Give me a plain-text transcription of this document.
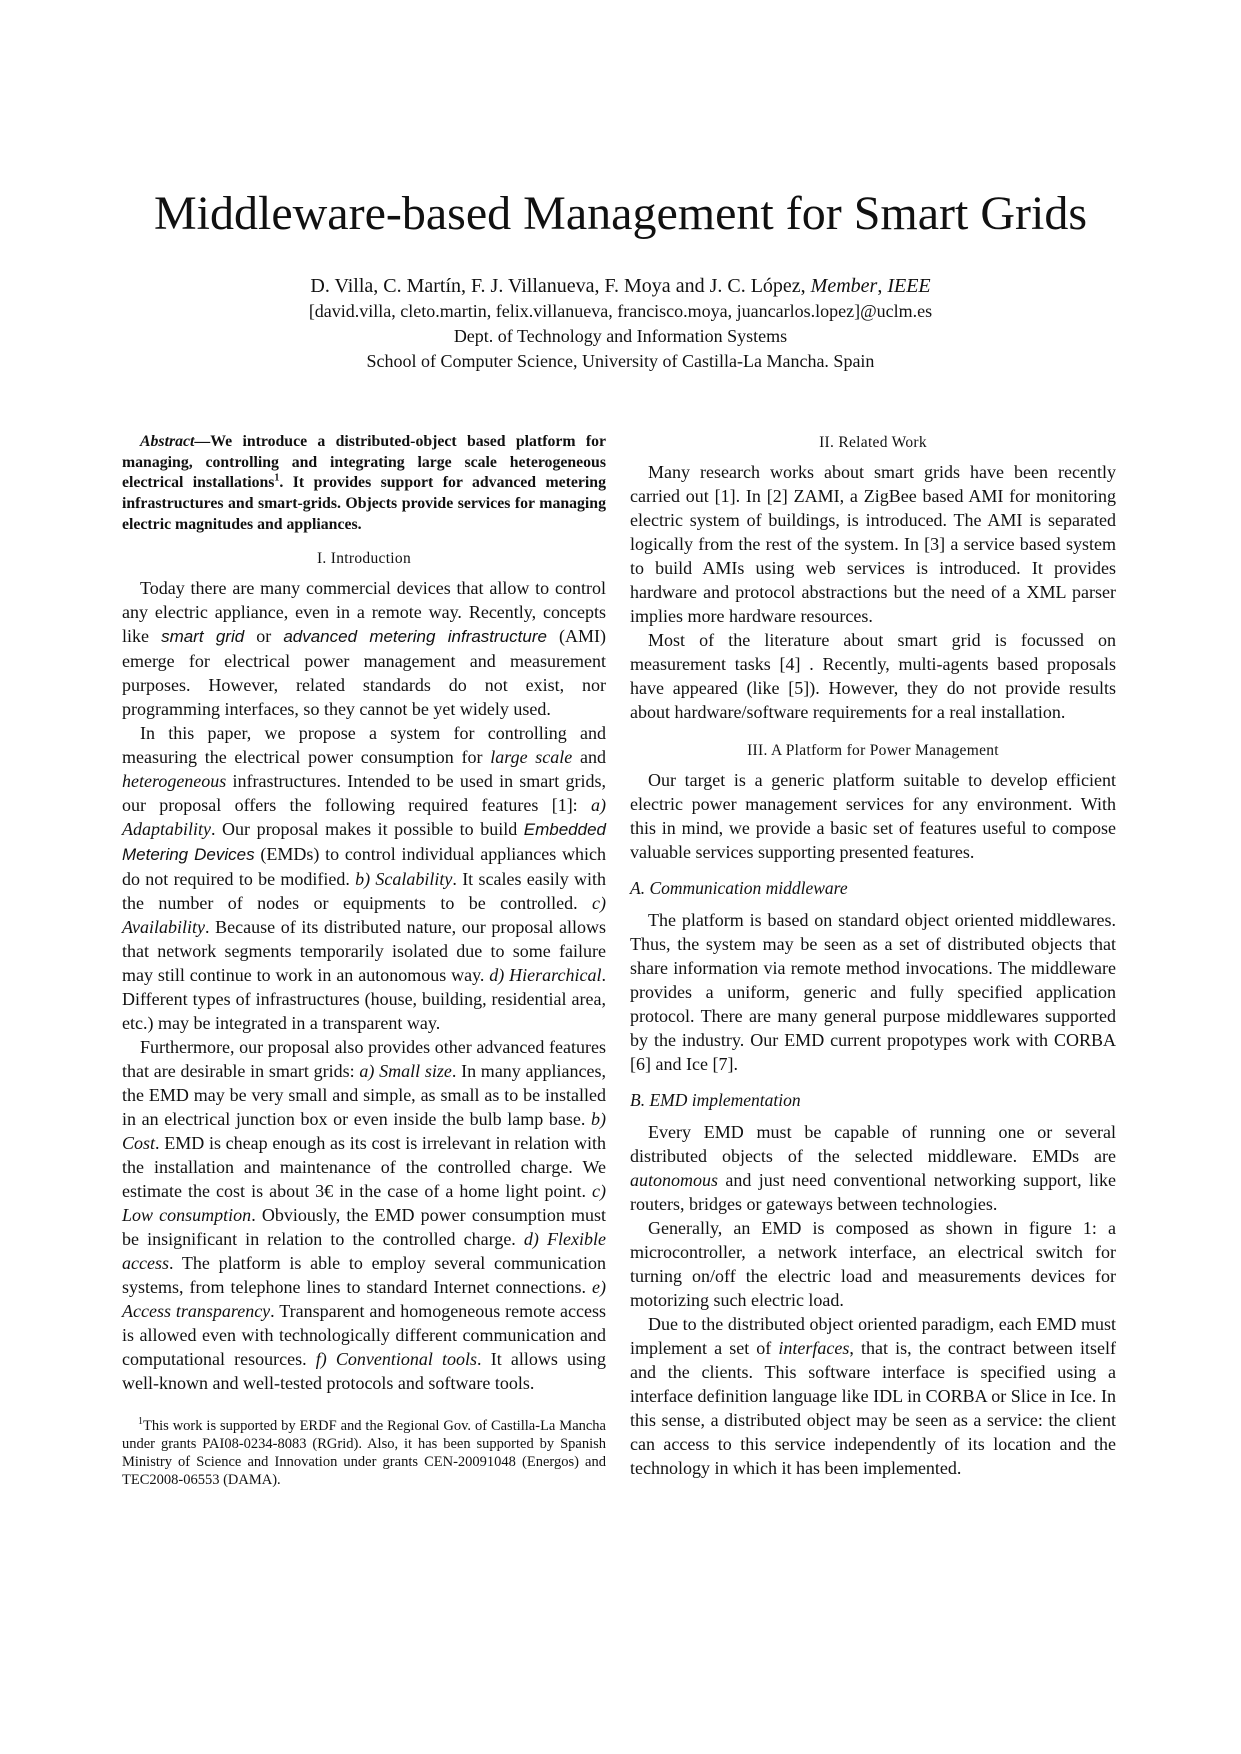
Middleware-based Management for Smart Grids
D. Villa, C. Martín, F. J. Villanueva, F. Moya and J. C. López, Member, IEEE
[david.villa, cleto.martin, felix.villanueva, francisco.moya, juancarlos.lopez]@uclm.es
Dept. of Technology and Information Systems
School of Computer Science, University of Castilla-La Mancha. Spain

Abstract—We introduce a distributed-object based platform for managing, controlling and integrating large scale heterogeneous electrical installations$^1$. It provides support for advanced metering infrastructures and smart-grids. Objects provide services for managing electric magnitudes and appliances.

I. Introduction

Today there are many commercial devices that allow to control any electric appliance, even in a remote way. Recently, concepts like smart grid or advanced metering infrastructure (AMI) emerge for electrical power management and measurement purposes. However, related standards do not exist, nor programming interfaces, so they cannot be yet widely used.

In this paper, we propose a system for controlling and measuring the electrical power consumption for large scale and heterogeneous infrastructures. Intended to be used in smart grids, our proposal offers the following required features [1]: a) Adaptability. Our proposal makes it possible to build Embedded Metering Devices (EMDs) to control individual appliances which do not required to be modified. b) Scalability. It scales easily with the number of nodes or equipments to be controlled. c) Availability. Because of its distributed nature, our proposal allows that network segments temporarily isolated due to some failure may still continue to work in an autonomous way. d) Hierarchical. Different types of infrastructures (house, building, residential area, etc.) may be integrated in a transparent way.

Furthermore, our proposal also provides other advanced features that are desirable in smart grids: a) Small size. In many appliances, the EMD may be very small and simple, as small as to be installed in an electrical junction box or even inside the bulb lamp base. b) Cost. EMD is cheap enough as its cost is irrelevant in relation with the installation and maintenance of the controlled charge. We estimate the cost is about 3€ in the case of a home light point. c) Low consumption. Obviously, the EMD power consumption must be insignificant in relation to the controlled charge. d) Flexible access. The platform is able to employ several communication systems, from telephone lines to standard Internet connections. e) Access transparency. Transparent and homogeneous remote access is allowed even with technologically different communication and computational resources. f) Conventional tools. It allows using well-known and well-tested protocols and software tools.

$^1$This work is supported by ERDF and the Regional Gov. of Castilla-La Mancha under grants PAI08-0234-8083 (RGrid). Also, it has been supported by Spanish Ministry of Science and Innovation under grants CEN-20091048 (Energos) and TEC2008-06553 (DAMA).
II. Related Work

Many research works about smart grids have been recently carried out [1]. In [2] ZAMI, a ZigBee based AMI for monitoring electric system of buildings, is introduced. The AMI is separated logically from the rest of the system. In [3] a service based system to build AMIs using web services is introduced. It provides hardware and protocol abstractions but the need of a XML parser implies more hardware resources.

Most of the literature about smart grid is focussed on measurement tasks [4] . Recently, multi-agents based proposals have appeared (like [5]). However, they do not provide results about hardware/software requirements for a real installation.

III. A Platform for Power Management

Our target is a generic platform suitable to develop efficient electric power management services for any environment. With this in mind, we provide a basic set of features useful to compose valuable services supporting presented features.

A. Communication middleware

The platform is based on standard object oriented middlewares. Thus, the system may be seen as a set of distributed objects that share information via remote method invocations. The middleware provides a uniform, generic and fully specified application protocol. There are many general purpose middlewares supported by the industry. Our EMD current propotypes work with CORBA [6] and Ice [7].

B. EMD implementation

Every EMD must be capable of running one or several distributed objects of the selected middleware. EMDs are autonomous and just need conventional networking support, like routers, bridges or gateways between technologies.

Generally, an EMD is composed as shown in figure 1: a microcontroller, a network interface, an electrical switch for turning on/off the electric load and measurements devices for motorizing such electric load.

Due to the distributed object oriented paradigm, each EMD must implement a set of interfaces, that is, the contract between itself and the clients. This software interface is specified using a interface definition language like IDL in CORBA or Slice in Ice. In this sense, a distributed object may be seen as a service: the client can access to this service independently of its location and the technology in which it has been implemented.
